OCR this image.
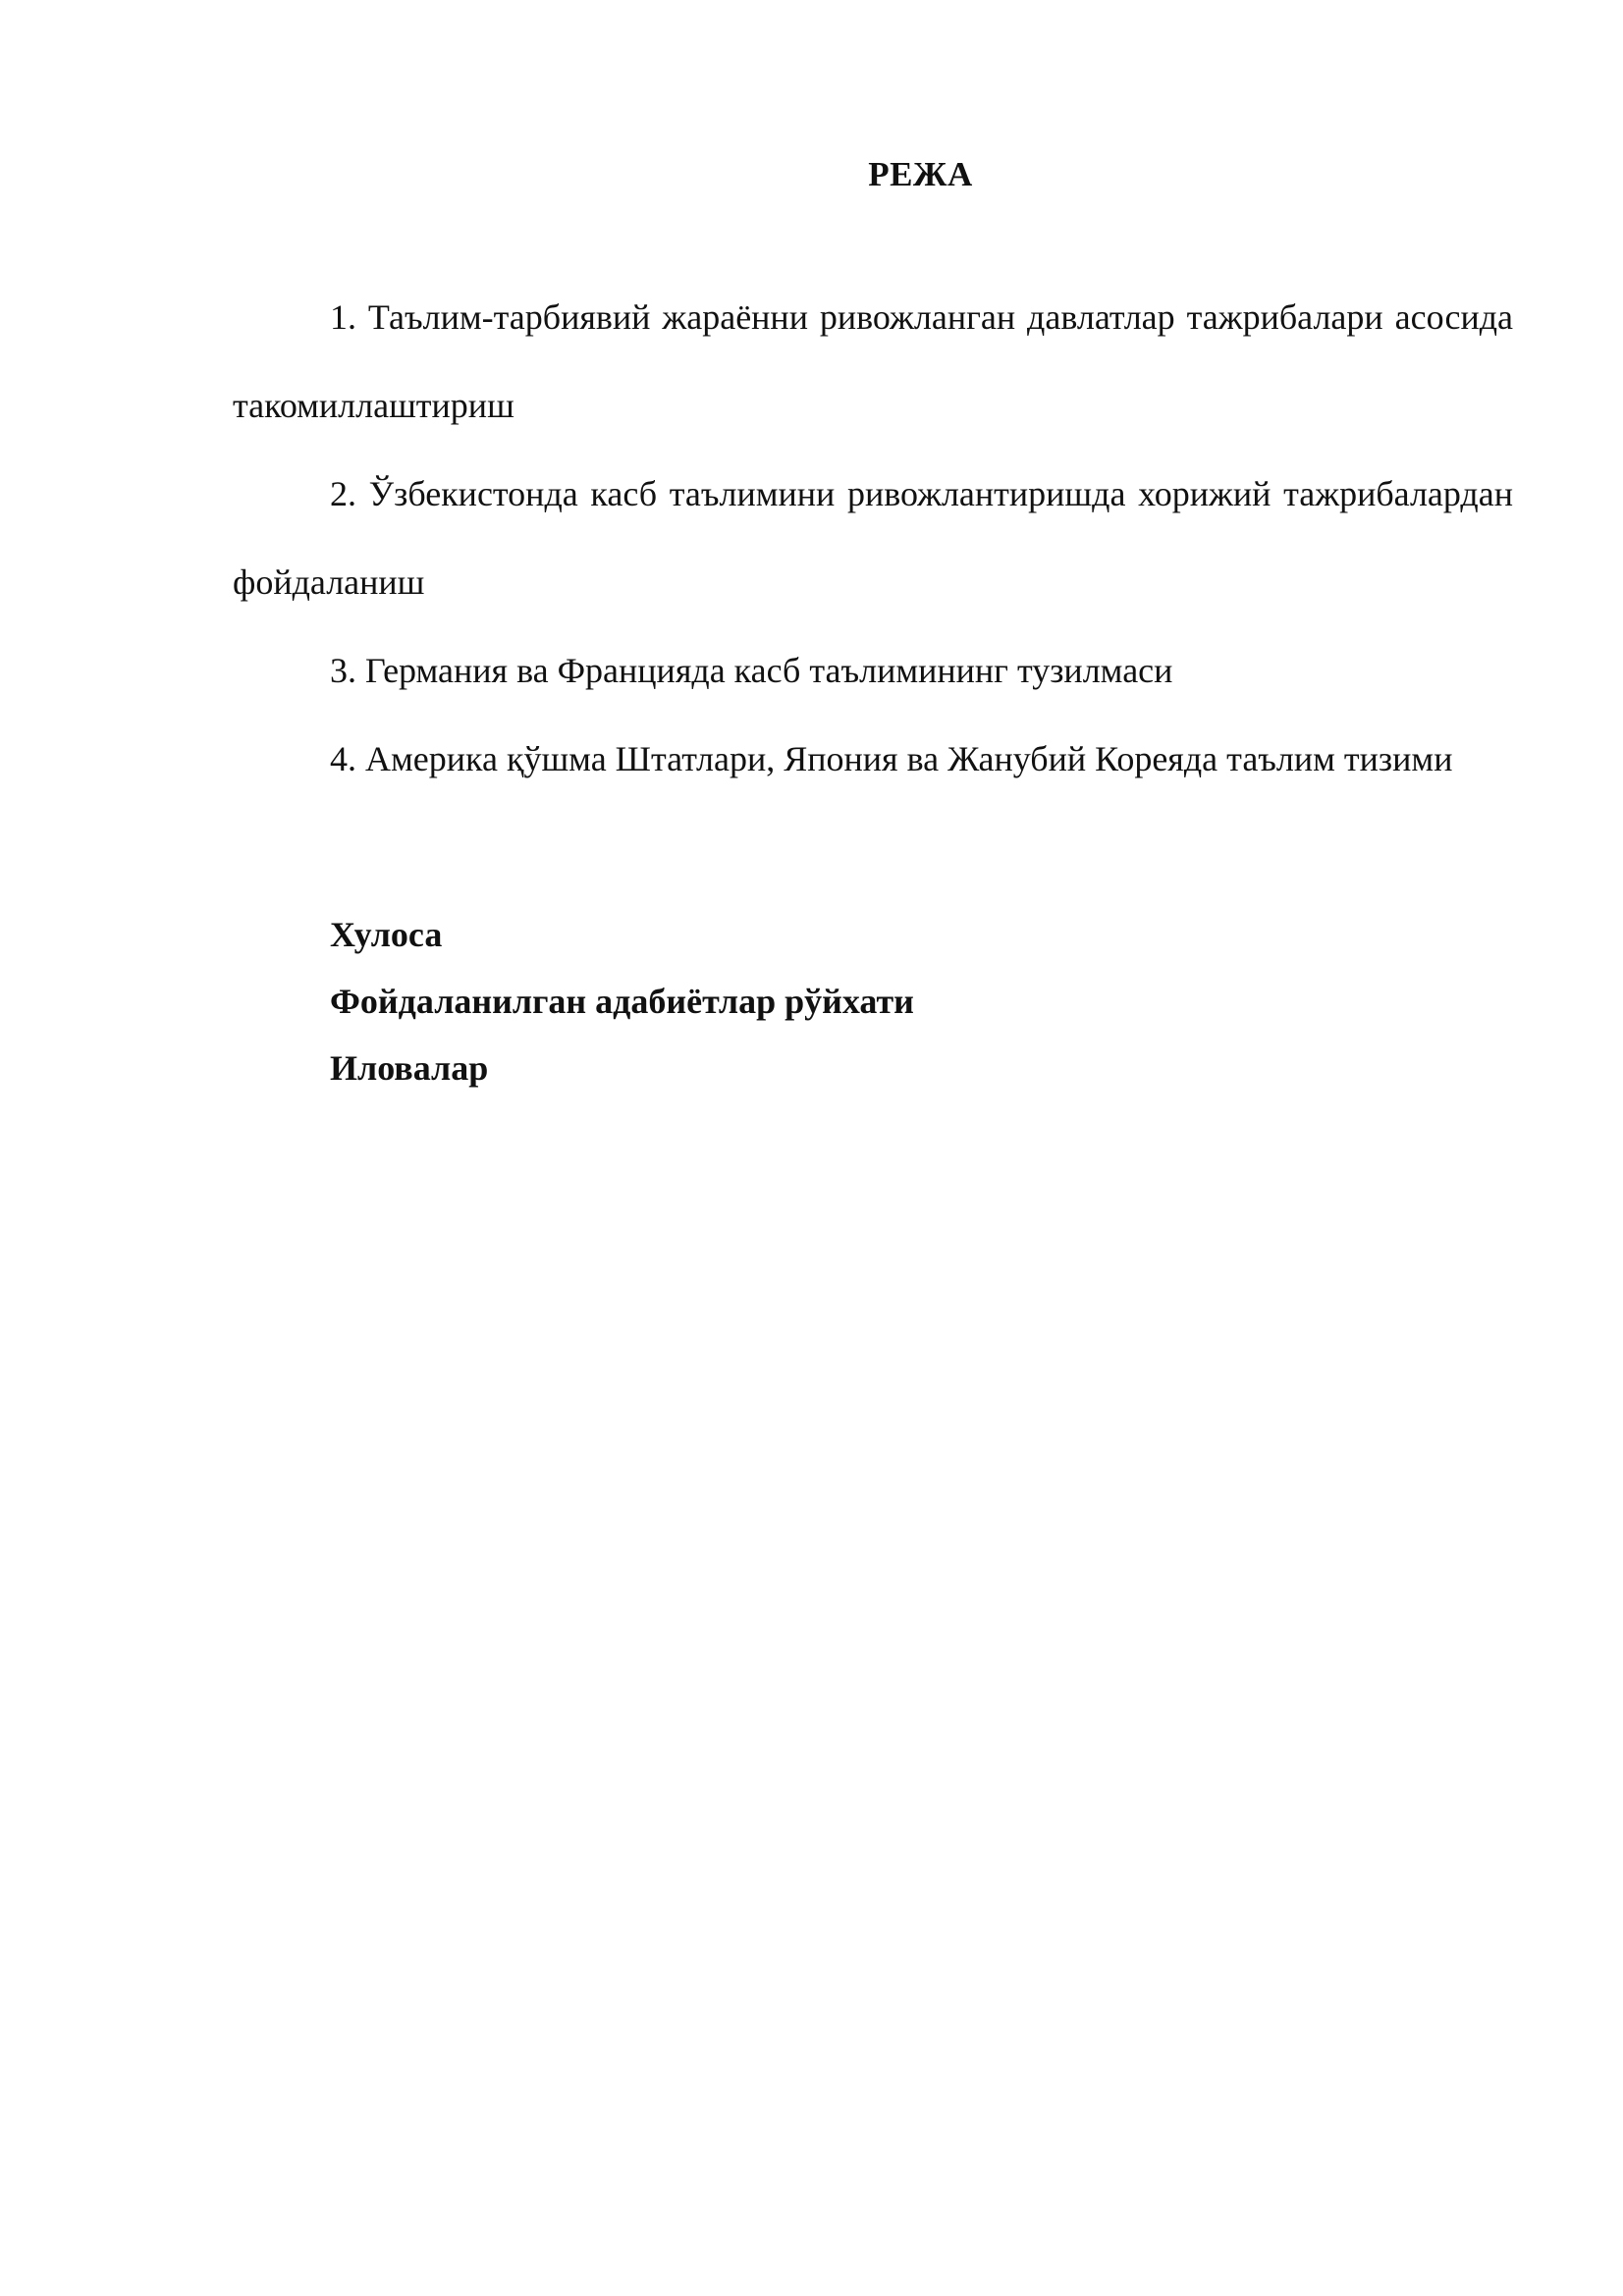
РЕЖА

1. Таълим-тарбиявий жараённи ривожланган давлатлар тажрибалари асосида такомиллаштириш

2. Ўзбекистонда касб таълимини ривожлантиришда хорижий тажрибалардан фойдаланиш

3. Германия ва Францияда касб таълимининг тузилмаси

4. Америка қўшма Штатлари, Япония ва Жанубий Кореяда таълим тизими

Хулоса
Фойдаланилган адабиётлар рўйхати
Иловалар
